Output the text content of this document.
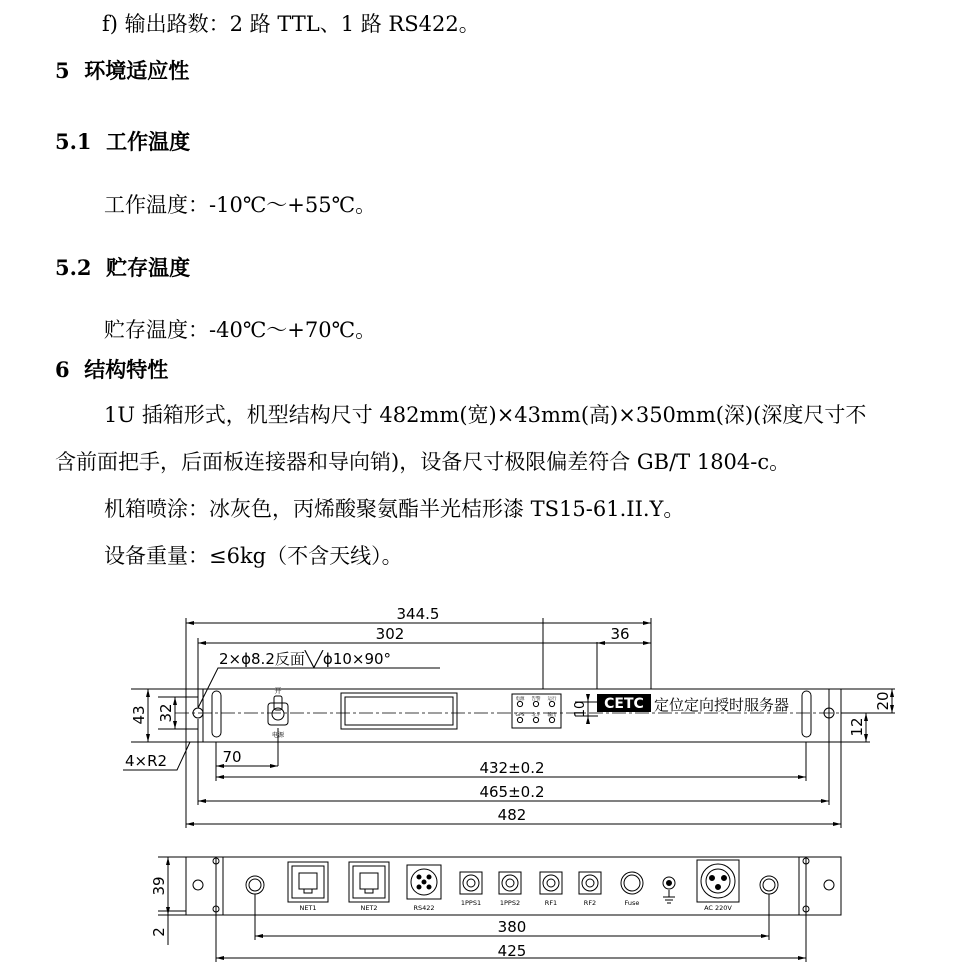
f) 输出路数：2 路 TTL、1 路 RS422。
5 环境适应性
5.1 工作温度
工作温度：-10℃～+55℃。
5.2 贮存温度
贮存温度：-40℃～+70℃。
6 结构特性
1U 插箱形式，机型结构尺寸 482mm(宽)×43mm(高)×350mm(深)(深度尺寸不
含前面把手，后面板连接器和导向销)，设备尺寸极限偏差符合 GB/T 1804-c。
机箱喷涂：冰灰色，丙烯酸聚氨酯半光桔形漆 TS15-61.II.Y。
设备重量：≤6kg（不含天线）。
CETC 定位定向授时服务器
开
电源
电源 告警 运行
GPS 北斗 输出
344.5
302	36
2×ϕ8.2反面╲╱ϕ10×90°
4×R2	70
432±0.2
465±0.2
482
43 32	10	20
12
NET1	NET2	RS422
1PPS1	1PPS2	RF1	RF2	Fuse
AC 220V
39
2	380
425
